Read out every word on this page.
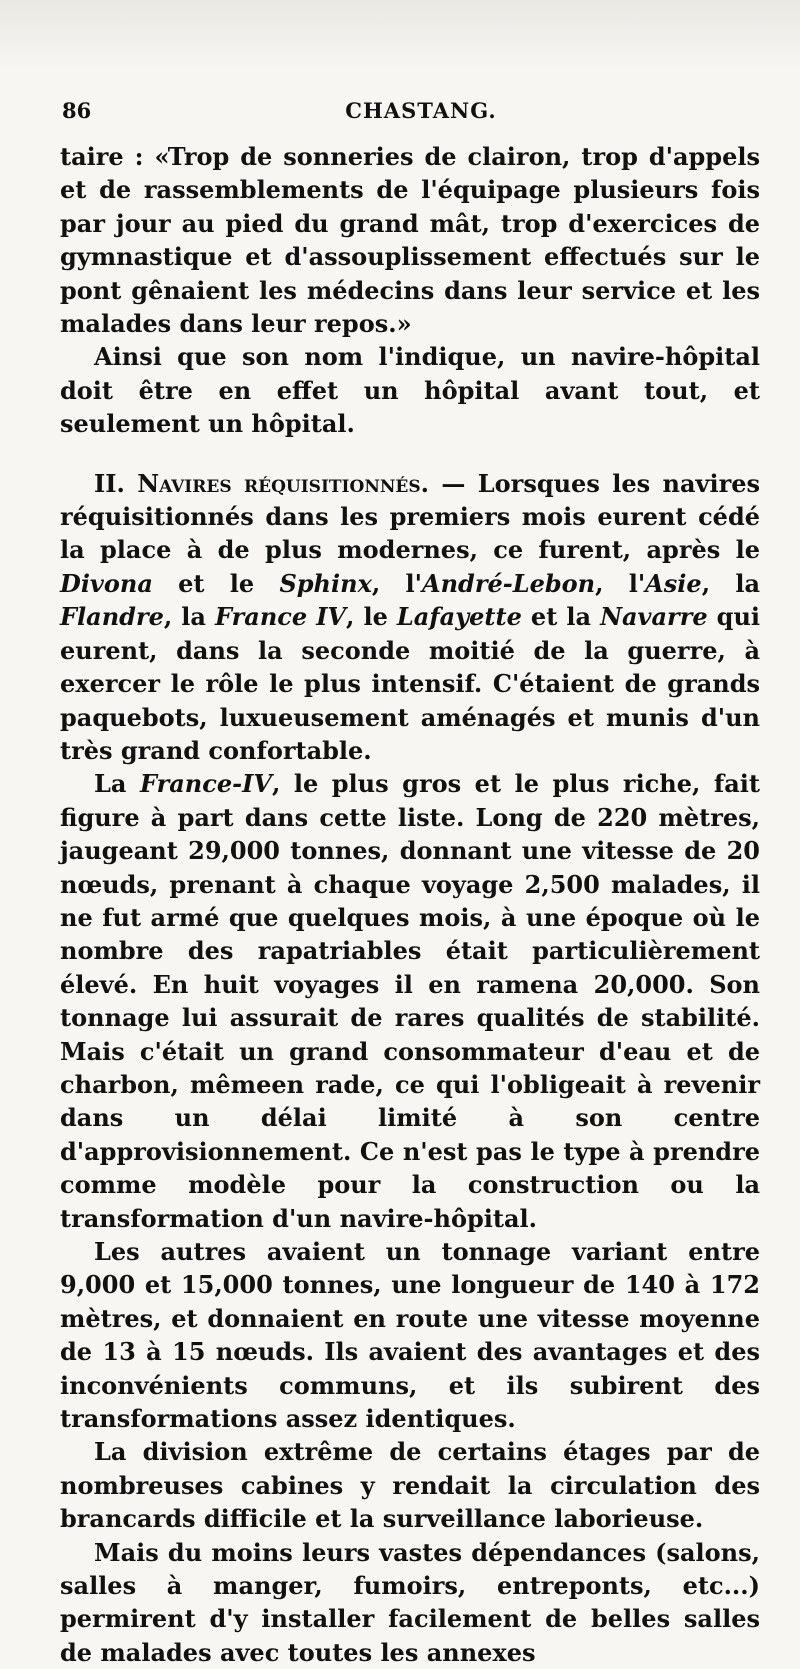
86	CHASTANG.

taire : «Trop de sonneries de clairon, trop d'appels et de rassemblements de l'équipage plusieurs fois par jour au pied du grand mât, trop d'exercices de gymnastique et d'assouplissement effectués sur le pont gênaient les médecins dans leur service et les malades dans leur repos.»

Ainsi que son nom l'indique, un navire-hôpital doit être en effet un hôpital avant tout, et seulement un hôpital.

II. Navires réquisitionnés. — Lorsques les navires réquisitionnés dans les premiers mois eurent cédé la place à de plus modernes, ce furent, après le Divona et le Sphinx, l'André-Lebon, l'Asie, la Flandre, la France IV, le Lafayette et la Navarre qui eurent, dans la seconde moitié de la guerre, à exercer le rôle le plus intensif. C'étaient de grands paquebots, luxueusement aménagés et munis d'un très grand confortable.

La France-IV, le plus gros et le plus riche, fait figure à part dans cette liste. Long de 220 mètres, jaugeant 29,000 tonnes, donnant une vitesse de 20 nœuds, prenant à chaque voyage 2,500 malades, il ne fut armé que quelques mois, à une époque où le nombre des rapatriables était particulièrement élevé. En huit voyages il en ramena 20,000. Son tonnage lui assurait de rares qualités de stabilité. Mais c'était un grand consommateur d'eau et de charbon, mêmeen rade, ce qui l'obligeait à revenir dans un délai limité à son centre d'approvisionnement. Ce n'est pas le type à prendre comme modèle pour la construction ou la transformation d'un navire-hôpital.

Les autres avaient un tonnage variant entre 9,000 et 15,000 tonnes, une longueur de 140 à 172 mètres, et donnaient en route une vitesse moyenne de 13 à 15 nœuds. Ils avaient des avantages et des inconvénients communs, et ils subirent des transformations assez identiques.

La division extrême de certains étages par de nombreuses cabines y rendait la circulation des brancards difficile et la surveillance laborieuse.

Mais du moins leurs vastes dépendances (salons, salles à manger, fumoirs, entreponts, etc...) permirent d'y installer facilement de belles salles de malades avec toutes les annexes
